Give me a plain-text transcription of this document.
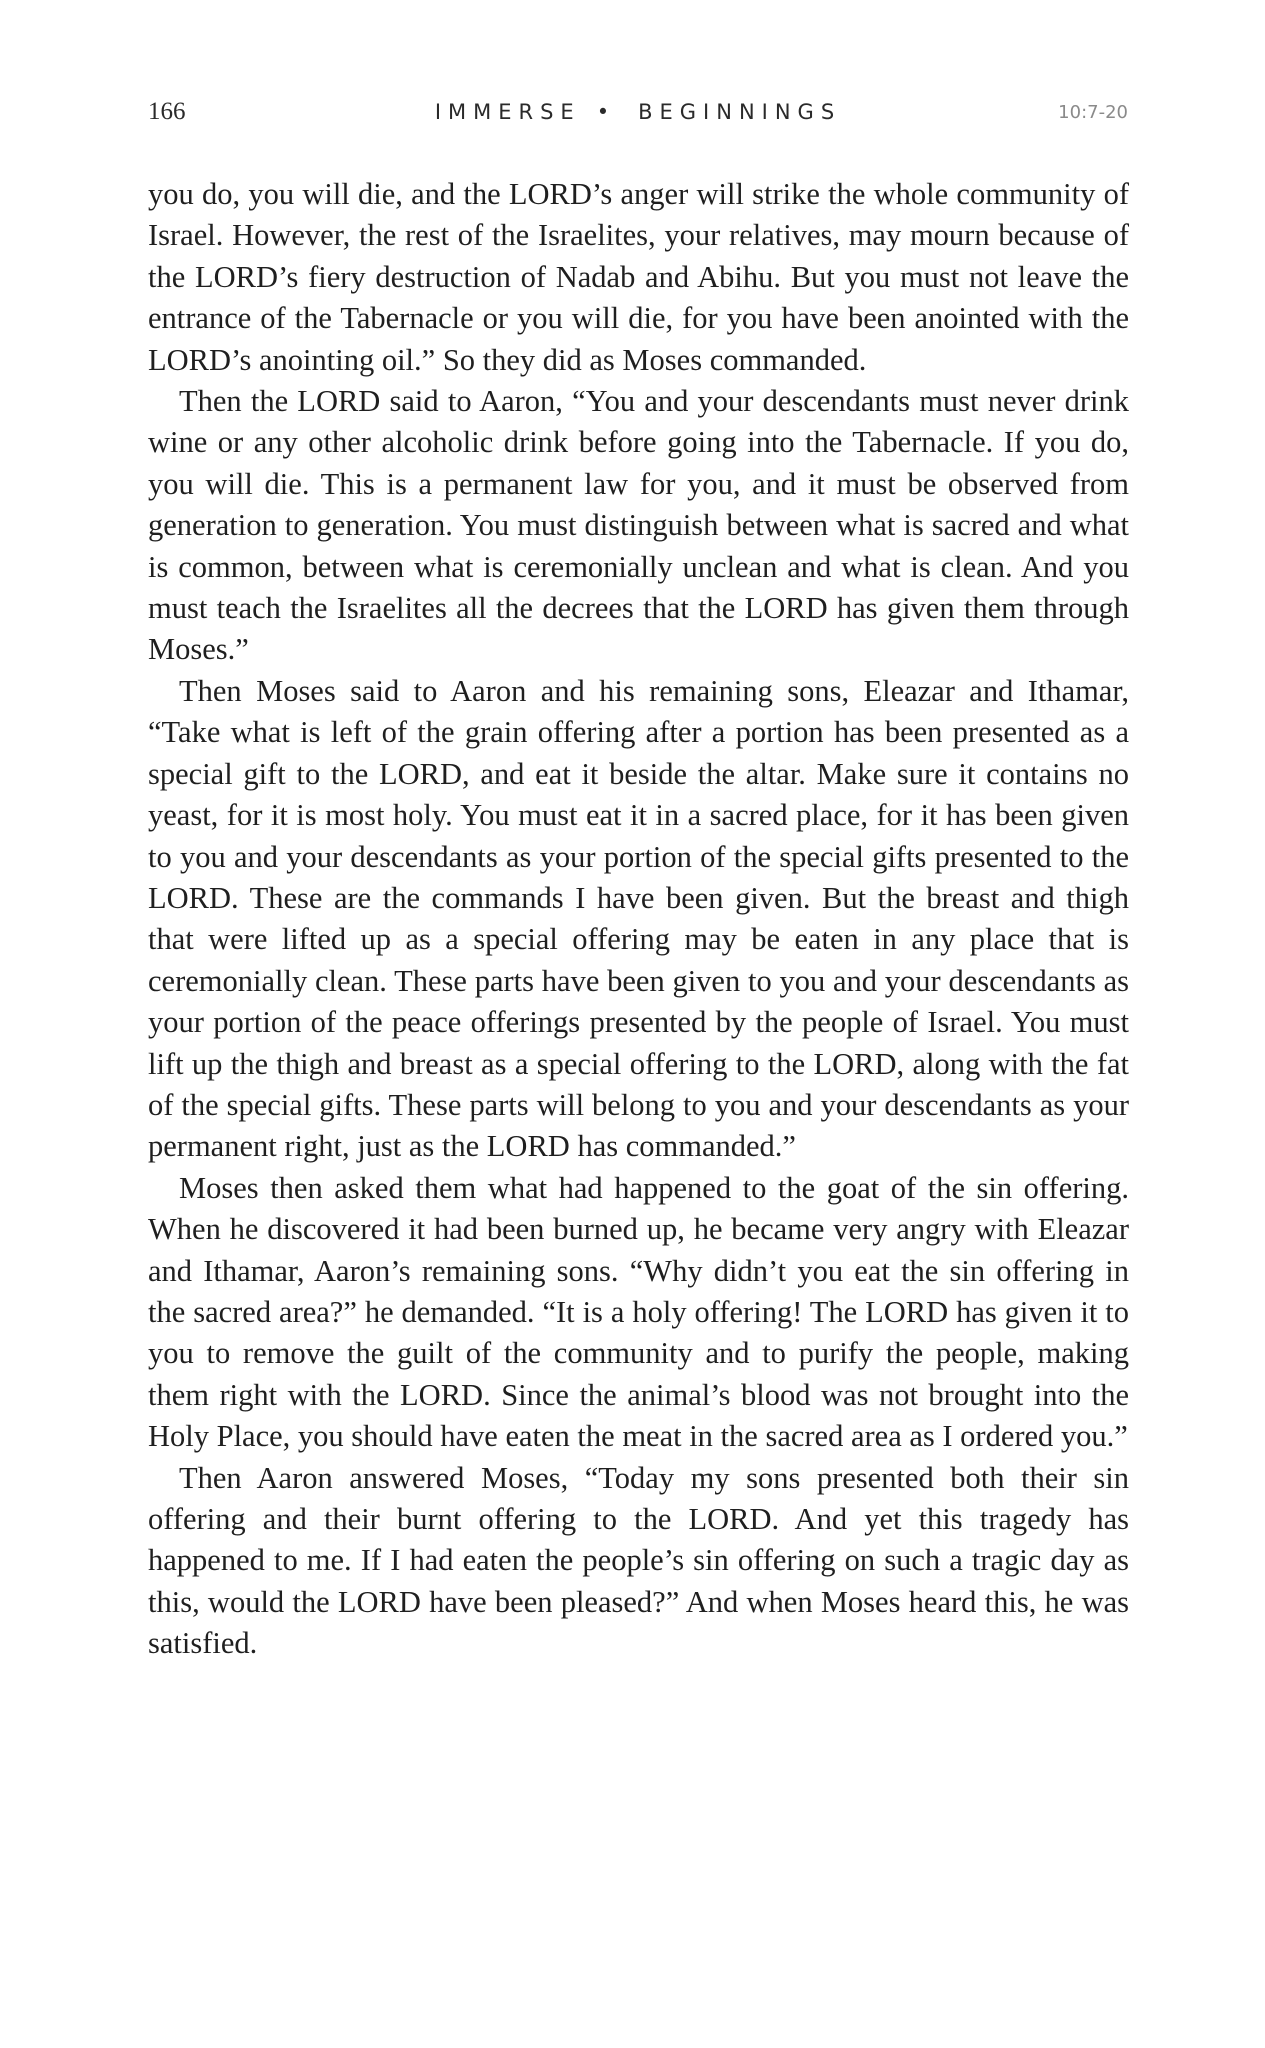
166	IMMERSE • BEGINNINGS	10:7-20

you do, you will die, and the LORD’s anger will strike the whole community of Israel. However, the rest of the Israelites, your relatives, may mourn because of the LORD’s fiery destruction of Nadab and Abihu. But you must not leave the entrance of the Tabernacle or you will die, for you have been anointed with the LORD’s anointing oil.” So they did as Moses commanded.

Then the LORD said to Aaron, “You and your descendants must never drink wine or any other alcoholic drink before going into the Tabernacle. If you do, you will die. This is a permanent law for you, and it must be observed from generation to generation. You must distinguish between what is sacred and what is common, between what is ceremonially unclean and what is clean. And you must teach the Israelites all the decrees that the LORD has given them through Moses.”

Then Moses said to Aaron and his remaining sons, Eleazar and Ithamar, “Take what is left of the grain offering after a portion has been presented as a special gift to the LORD, and eat it beside the altar. Make sure it contains no yeast, for it is most holy. You must eat it in a sacred place, for it has been given to you and your descendants as your portion of the special gifts presented to the LORD. These are the commands I have been given. But the breast and thigh that were lifted up as a special offering may be eaten in any place that is ceremonially clean. These parts have been given to you and your descendants as your portion of the peace offerings presented by the people of Israel. You must lift up the thigh and breast as a special offering to the LORD, along with the fat of the special gifts. These parts will belong to you and your descendants as your permanent right, just as the LORD has commanded.”

Moses then asked them what had happened to the goat of the sin offering. When he discovered it had been burned up, he became very angry with Eleazar and Ithamar, Aaron’s remaining sons. “Why didn’t you eat the sin offering in the sacred area?” he demanded. “It is a holy offering! The LORD has given it to you to remove the guilt of the community and to purify the people, making them right with the LORD. Since the animal’s blood was not brought into the Holy Place, you should have eaten the meat in the sacred area as I ordered you.”

Then Aaron answered Moses, “Today my sons presented both their sin offering and their burnt offering to the LORD. And yet this tragedy has happened to me. If I had eaten the people’s sin offering on such a tragic day as this, would the LORD have been pleased?” And when Moses heard this, he was satisfied.
